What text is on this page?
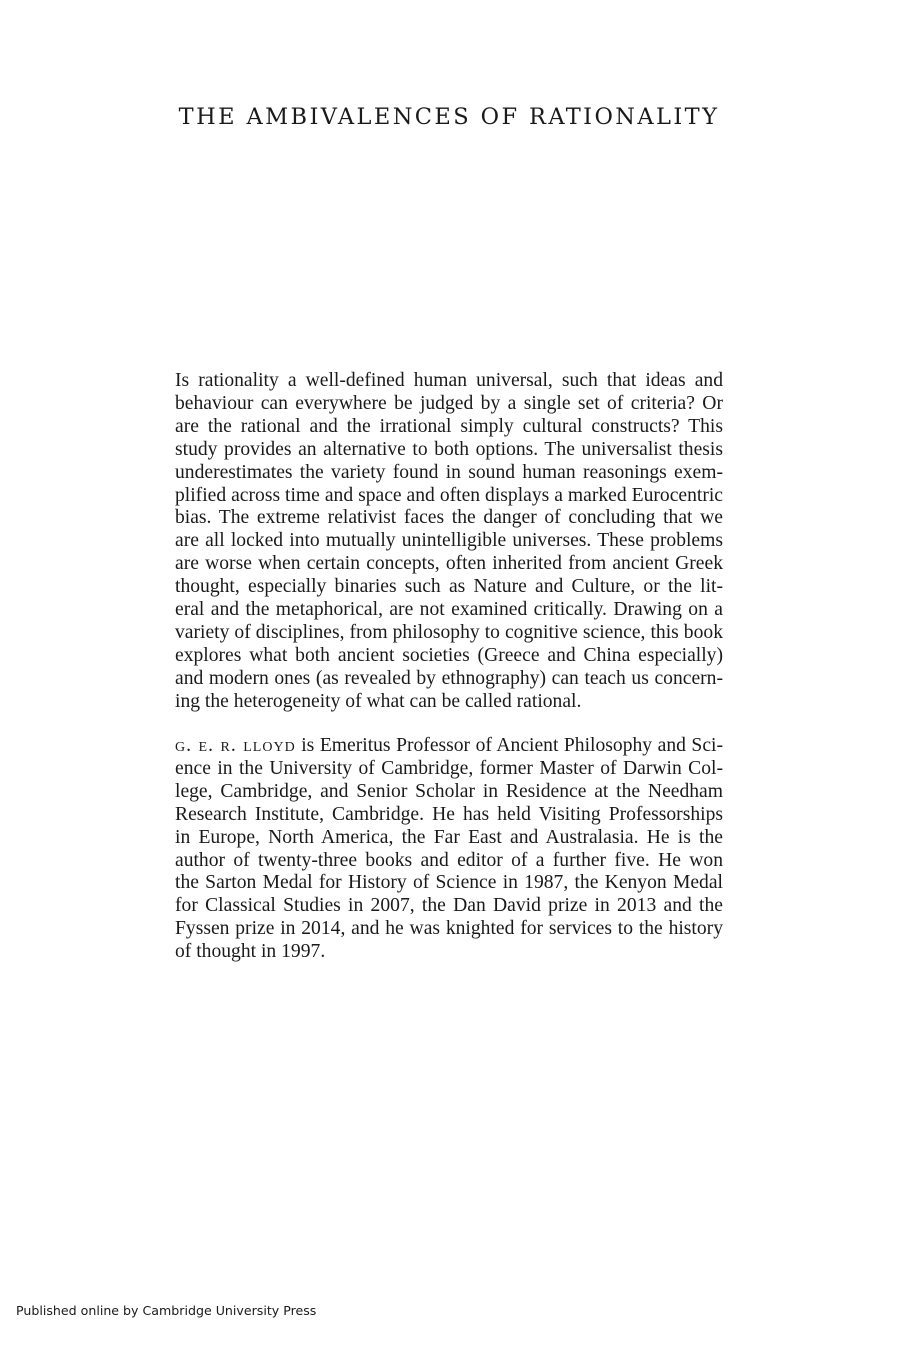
THE AMBIVALENCES OF RATIONALITY
Is rationality a well-defined human universal, such that ideas and
behaviour can everywhere be judged by a single set of criteria? Or
are the rational and the irrational simply cultural constructs? This
study provides an alternative to both options. The universalist thesis
underestimates the variety found in sound human reasonings exem-
plified across time and space and often displays a marked Eurocentric
bias. The extreme relativist faces the danger of concluding that we
are all locked into mutually unintelligible universes. These problems
are worse when certain concepts, often inherited from ancient Greek
thought, especially binaries such as Nature and Culture, or the lit-
eral and the metaphorical, are not examined critically. Drawing on a
variety of disciplines, from philosophy to cognitive science, this book
explores what both ancient societies (Greece and China especially)
and modern ones (as revealed by ethnography) can teach us concern-
ing the heterogeneity of what can be called rational.
g. e. r. lloyd is Emeritus Professor of Ancient Philosophy and Sci-
ence in the University of Cambridge, former Master of Darwin Col-
lege, Cambridge, and Senior Scholar in Residence at the Needham
Research Institute, Cambridge. He has held Visiting Professorships
in Europe, North America, the Far East and Australasia. He is the
author of twenty-three books and editor of a further five. He won
the Sarton Medal for History of Science in 1987, the Kenyon Medal
for Classical Studies in 2007, the Dan David prize in 2013 and the
Fyssen prize in 2014, and he was knighted for services to the history
of thought in 1997.
Published online by Cambridge University Press
